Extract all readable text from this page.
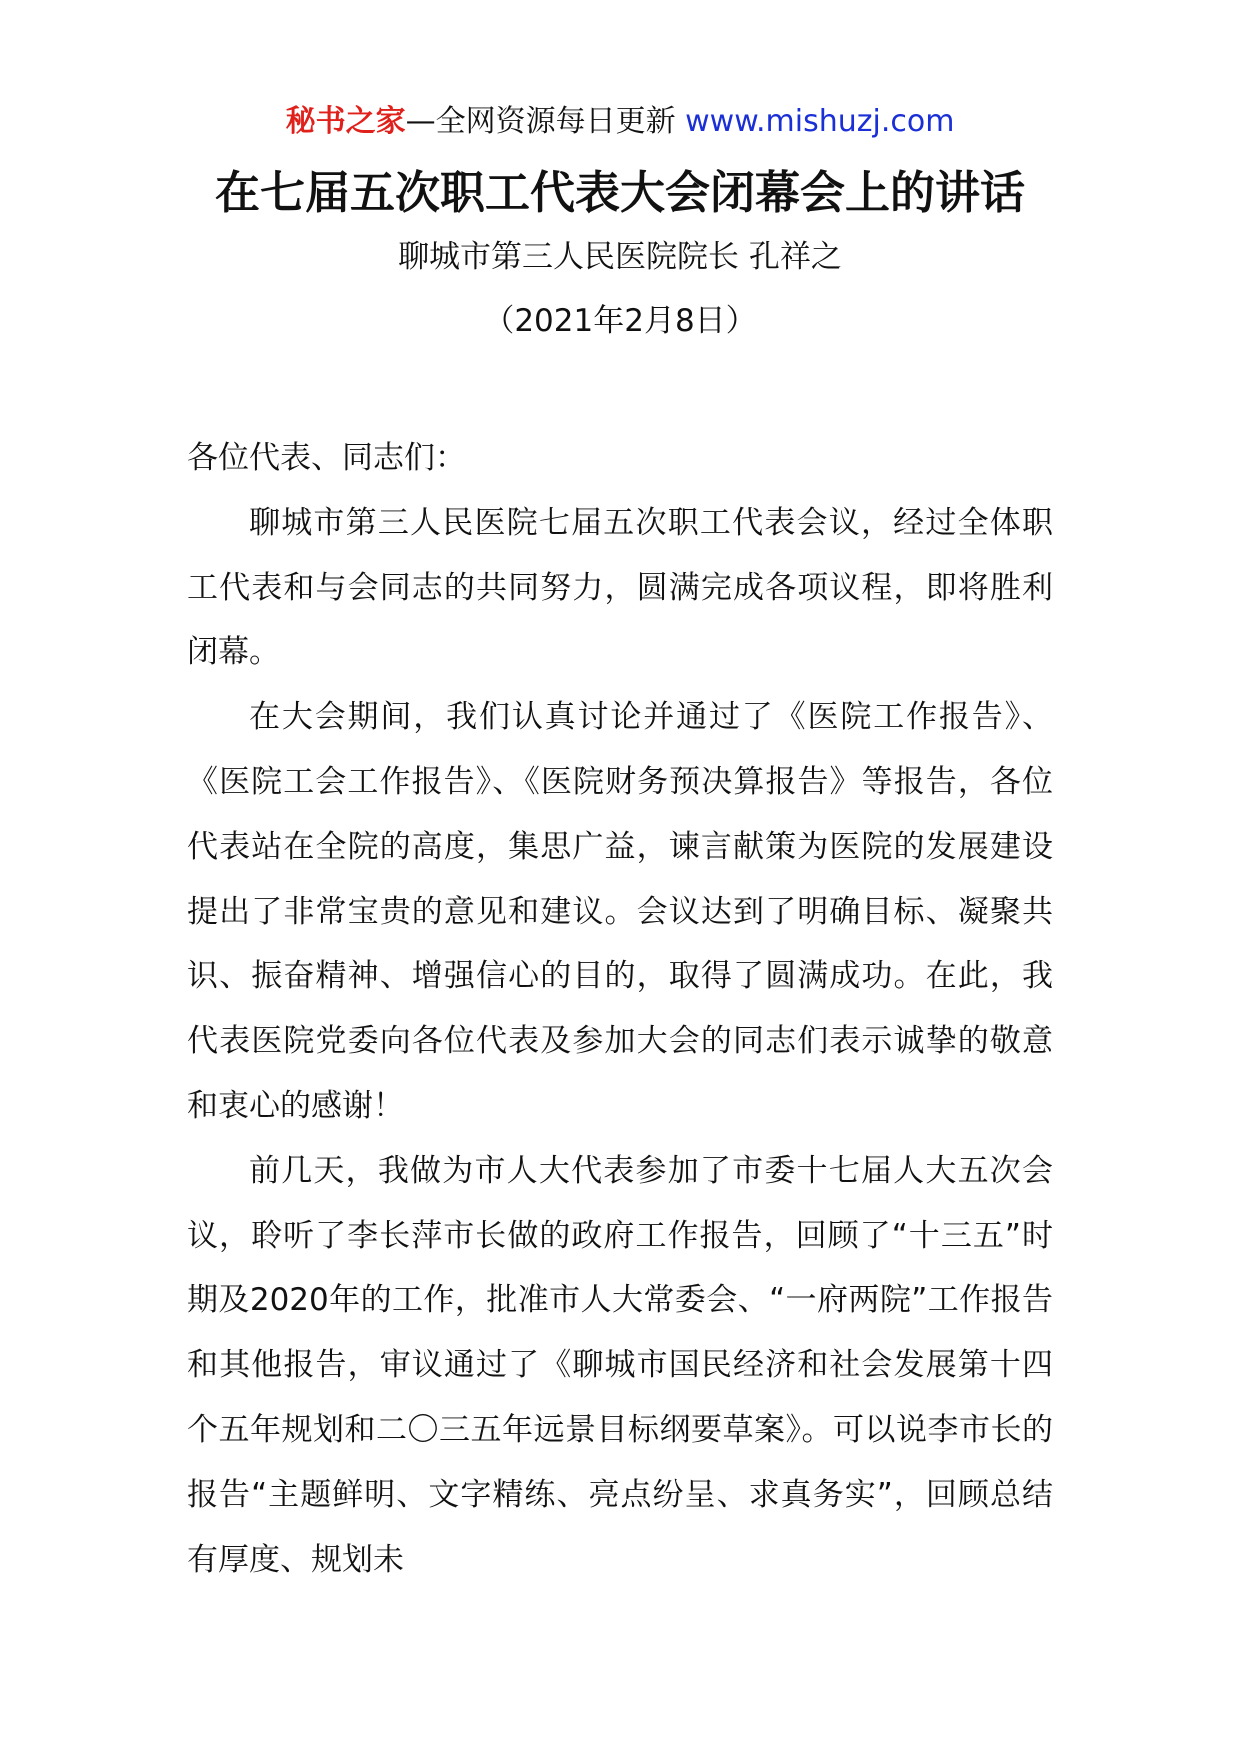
秘书之家—全网资源每日更新 www.mishuzj.com
在七届五次职工代表大会闭幕会上的讲话
聊城市第三人民医院院长 孔祥之
（2021年2月8日）

各位代表、同志们：

聊城市第三人民医院七届五次职工代表会议，经过全体职工代表和与会同志的共同努力，圆满完成各项议程，即将胜利闭幕。

在大会期间，我们认真讨论并通过了《医院工作报告》、《医院工会工作报告》、《医院财务预决算报告》等报告，各位代表站在全院的高度，集思广益，谏言献策为医院的发展建设提出了非常宝贵的意见和建议。会议达到了明确目标、凝聚共识、振奋精神、增强信心的目的，取得了圆满成功。在此，我代表医院党委向各位代表及参加大会的同志们表示诚挚的敬意和衷心的感谢！

前几天，我做为市人大代表参加了市委十七届人大五次会议，聆听了李长萍市长做的政府工作报告，回顾了“十三五”时期及2020年的工作，批准市人大常委会、“一府两院”工作报告和其他报告，审议通过了《聊城市国民经济和社会发展第十四个五年规划和二〇三五年远景目标纲要草案》。可以说李市长的报告“主题鲜明、文字精练、亮点纷呈、求真务实”，回顾总结有厚度、规划未
